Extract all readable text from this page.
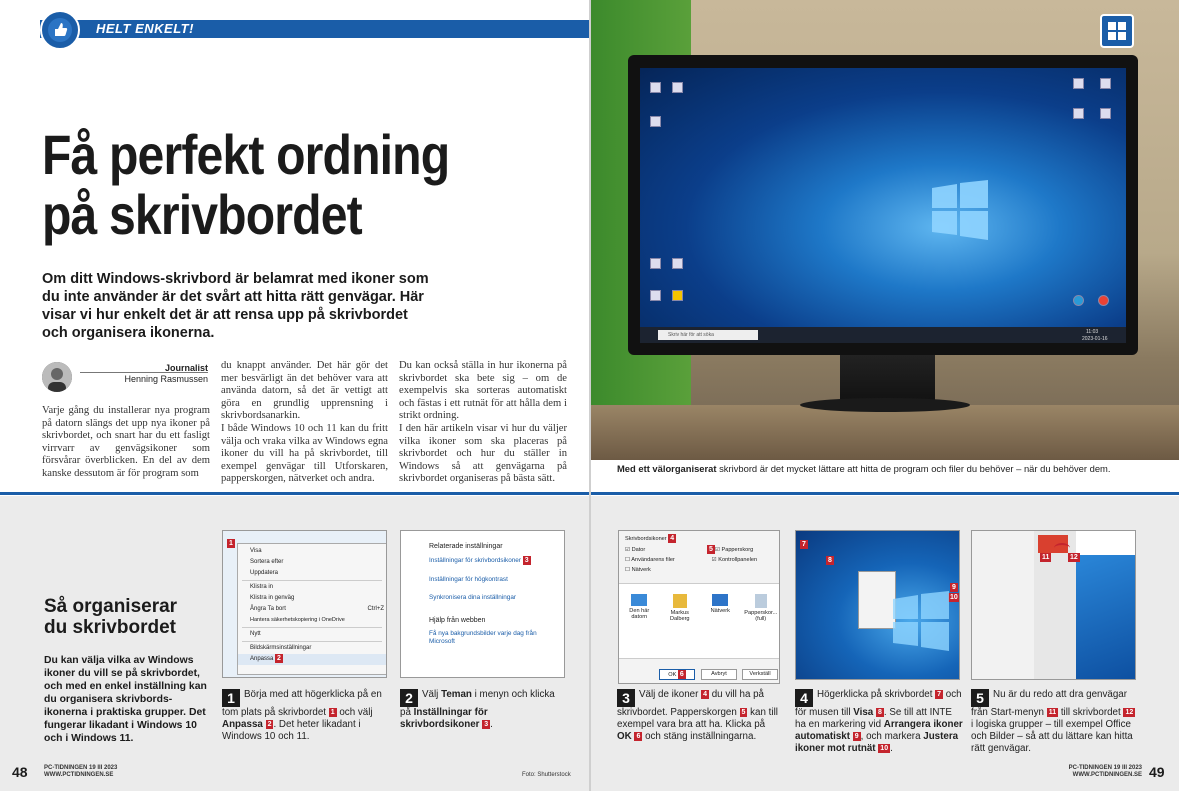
HELT ENKELT!
Få perfekt ordning
på skrivbordet
Om ditt Windows-skrivbord är belamrat med ikoner som du inte använder är det svårt att hitta rätt genvägar. Här visar vi hur enkelt det är att rensa upp på skrivbordet och organisera ikonerna.
Journalist
Henning Rasmussen
Varje gång du installerar nya program på datorn slängs det upp nya ikoner på skrivbordet, och snart har du ett fasligt virrvarr av genvägsikoner som försvårar överblicken. En del av dem kanske dessutom är för program som
du knappt använder. Det här gör det mer besvärligt än det behöver vara att använda datorn, så det är vettigt att göra en grundlig upprensning i skrivbordsanarkin.
I både Windows 10 och 11 kan du fritt välja och vraka vilka av Windows egna ikoner du vill ha på skrivbordet, till exempel genvägar till Utforskaren, papperskorgen, nätverket och andra.
Du kan också ställa in hur ikonerna på skrivbordet ska bete sig – om de exempelvis ska sorteras automatiskt och fästas i ett rutnät för att hålla dem i strikt ordning.
I den här artikeln visar vi hur du väljer vilka ikoner som ska placeras på skrivbordet och hur du ställer in Windows så att genvägarna på skrivbordet organiseras på bästa sätt.
Skriv här för att söka	11:03
2023-01-16
Med ett välorganiserat skrivbord är det mycket lättare att hitta de program och filer du behöver – när du behöver dem.
Så organiserar du skrivbordet
Du kan välja vilka av Windows ikoner du vill se på skrivbordet, och med en enkel inställning kan du organisera skrivbords-ikonerna i praktiska grupper. Det fungerar likadant i Windows 10 och i Windows 11.
1
Visa
Sortera efter
Uppdatera
Klistra in
Klistra in genväg
Ångra Ta bort	Ctrl+Z
Hantera säkerhetskopiering i OneDrive
Nytt
Bildskärmsinställningar
Anpassa 2
Relaterade inställningar
Inställningar för skrivbordsikoner 3
Inställningar för högkontrast
Synkronisera dina inställningar
Hjälp från webben
Få nya bakgrundsbilder varje dag från Microsoft
Skrivbordsikoner 4
☑ Dator
☐ Användarens filer
☐ Nätverk
5 ☑ Papperskorg
☑ Kontrollpanelen
Den här datorn
Markus Dalberg
Nätverk	Papperskor... (full)
OK 6	Avbryt	Verkställ
7
8
9
10
11	12
1 Börja med att högerklicka på en tom plats på skrivbordet 1 och välj Anpassa 2 . Det heter likadant i Windows 10 och 11.
2 Välj Teman i menyn och klicka på Inställningar för skrivbordsikoner 3 .
3 Välj de ikoner 4 du vill ha på skrivbordet. Papperskorgen 5 kan till exempel vara bra att ha. Klicka på OK 6 och stäng inställningarna.
4 Högerklicka på skrivbordet 7 och för musen till Visa 8 . Se till att INTE ha en markering vid Arrangera ikoner automatiskt 9 , och markera Justera ikoner mot rutnät 10 .
5 Nu är du redo att dra genvägar från Start-menyn 11 till skrivbordet 12 i logiska grupper – till exempel Office och Bilder – så att du lättare kan hitta rätt genvägar.
48	PC-TIDNINGEN 19 III 2023
WWW.PCTIDNINGEN.SE	Foto: Shutterstock	49
PC-TIDNINGEN 19 III 2023
WWW.PCTIDNINGEN.SE
